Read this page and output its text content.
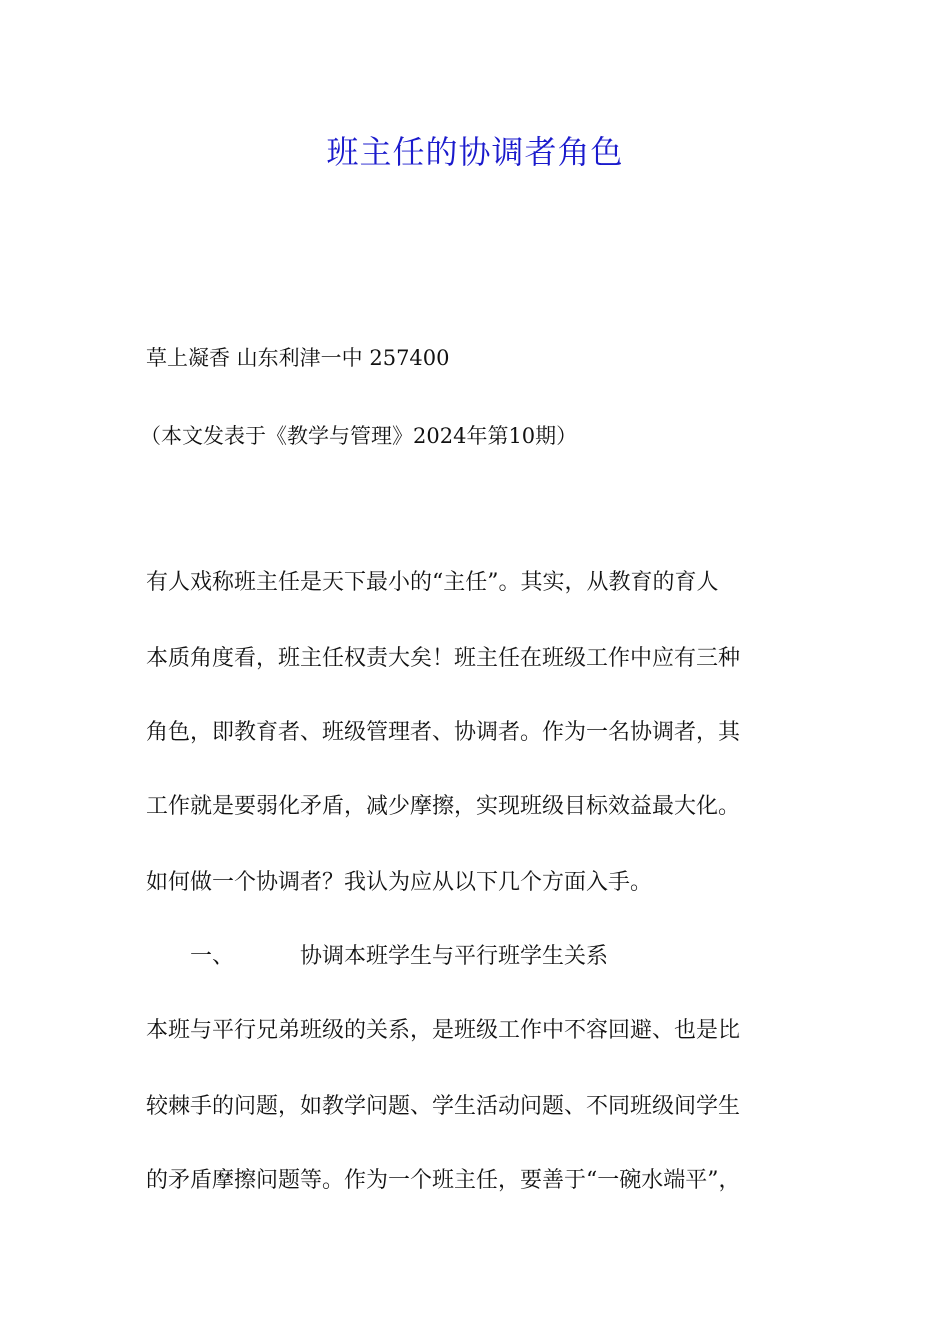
班主任的协调者角色
草上凝香 山东利津一中 257400
（本文发表于《教学与管理》2024年第10期）
有人戏称班主任是天下最小的“主任”。其实，从教育的育人
本质角度看，班主任权责大矣！班主任在班级工作中应有三种
角色，即教育者、班级管理者、协调者。作为一名协调者，其
工作就是要弱化矛盾，减少摩擦，实现班级目标效益最大化。
如何做一个协调者？我认为应从以下几个方面入手。
一、	协调本班学生与平行班学生关系
本班与平行兄弟班级的关系，是班级工作中不容回避、也是比
较棘手的问题，如教学问题、学生活动问题、不同班级间学生
的矛盾摩擦问题等。作为一个班主任，要善于“一碗水端平”，
